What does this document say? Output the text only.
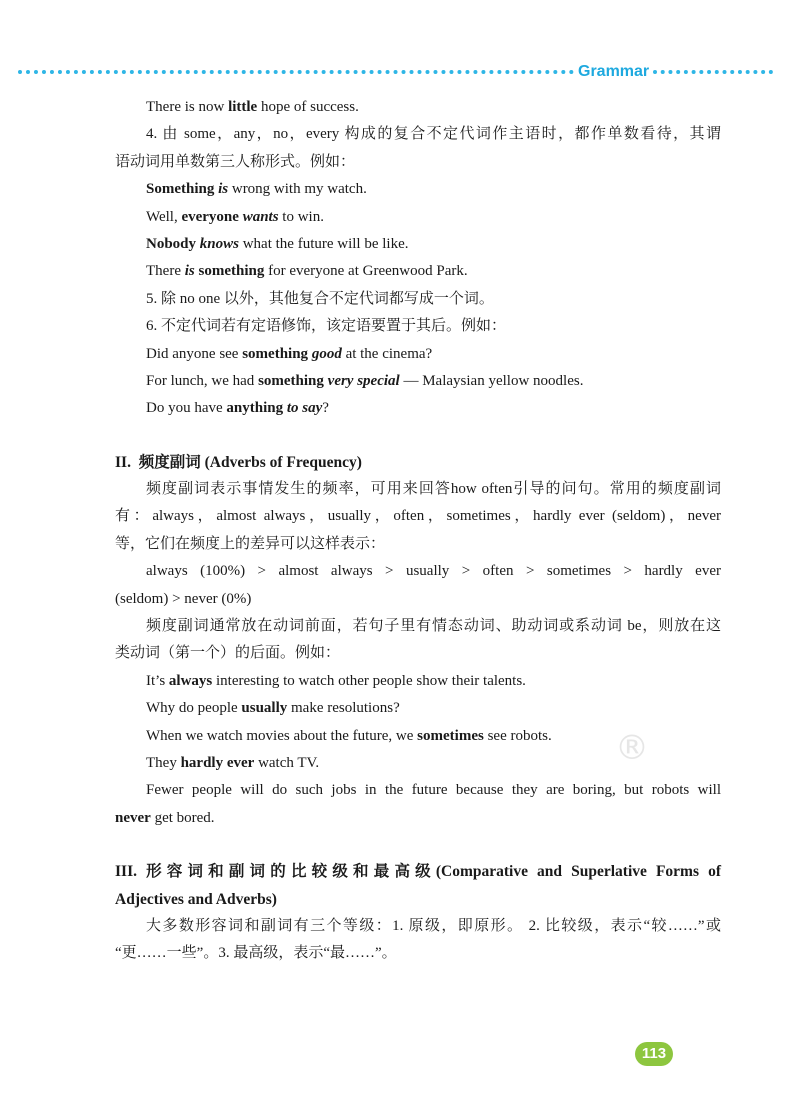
Grammar
®
There is now little hope of success.
4. 由 some，any，no，every 构成的复合不定代词作主语时，都作单数看待，其谓
语动词用单数第三人称形式。例如：
Something is wrong with my watch.
Well, everyone wants to win.
Nobody knows what the future will be like.
There is something for everyone at Greenwood Park.
5. 除 no one 以外，其他复合不定代词都写成一个词。
6. 不定代词若有定语修饰，该定语要置于其后。例如：
Did anyone see something good at the cinema?
For lunch, we had something very special — Malaysian yellow noodles.
Do you have anything to say?
II. 频度副词 (Adverbs of Frequency)
频度副词表示事情发生的频率，可用来回答how often引导的问句。常用的频度副词
有：always，almost always，usually，often，sometimes，hardly ever (seldom)，never
等，它们在频度上的差异可以这样表示：
always (100%) > almost always > usually > often > sometimes > hardly ever
(seldom) > never (0%)
频度副词通常放在动词前面，若句子里有情态动词、助动词或系动词 be，则放在这
类动词（第一个）的后面。例如：
It’s always interesting to watch other people show their talents.
Why do people usually make resolutions?
When we watch movies about the future, we sometimes see robots.
They hardly ever watch TV.
Fewer people will do such jobs in the future because they are boring, but robots will
never get bored.
III. 形容词和副词的比较级和最高级(Comparative and Superlative Forms of
Adjectives and Adverbs)
大多数形容词和副词有三个等级：1. 原级，即原形。 2. 比较级，表示“较……”或
“更……一些”。3. 最高级，表示“最……”。
113
